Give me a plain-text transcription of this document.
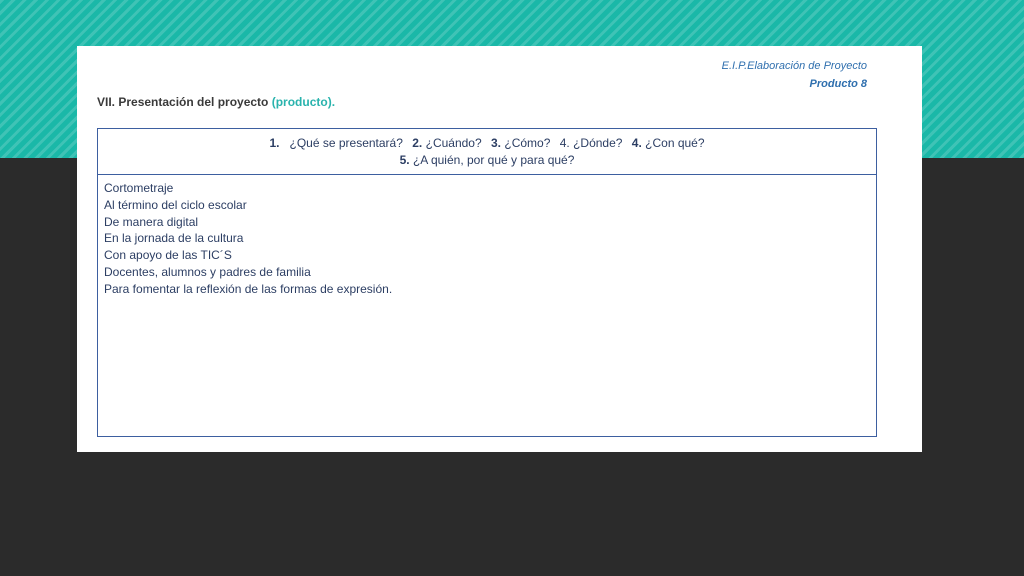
E.I.P.Elaboración de Proyecto
Producto 8
VII. Presentación del proyecto (producto).
1. ¿Qué se presentará? 2. ¿Cuándo? 3. ¿Cómo? 4. ¿Dónde? 4. ¿Con qué?
5. ¿A quién, por qué y para qué?
Cortometraje
Al término del ciclo escolar
De manera digital
En la jornada de la cultura
Con apoyo de las TIC´S
Docentes, alumnos y padres de familia
Para fomentar la reflexión de las formas de expresión.
